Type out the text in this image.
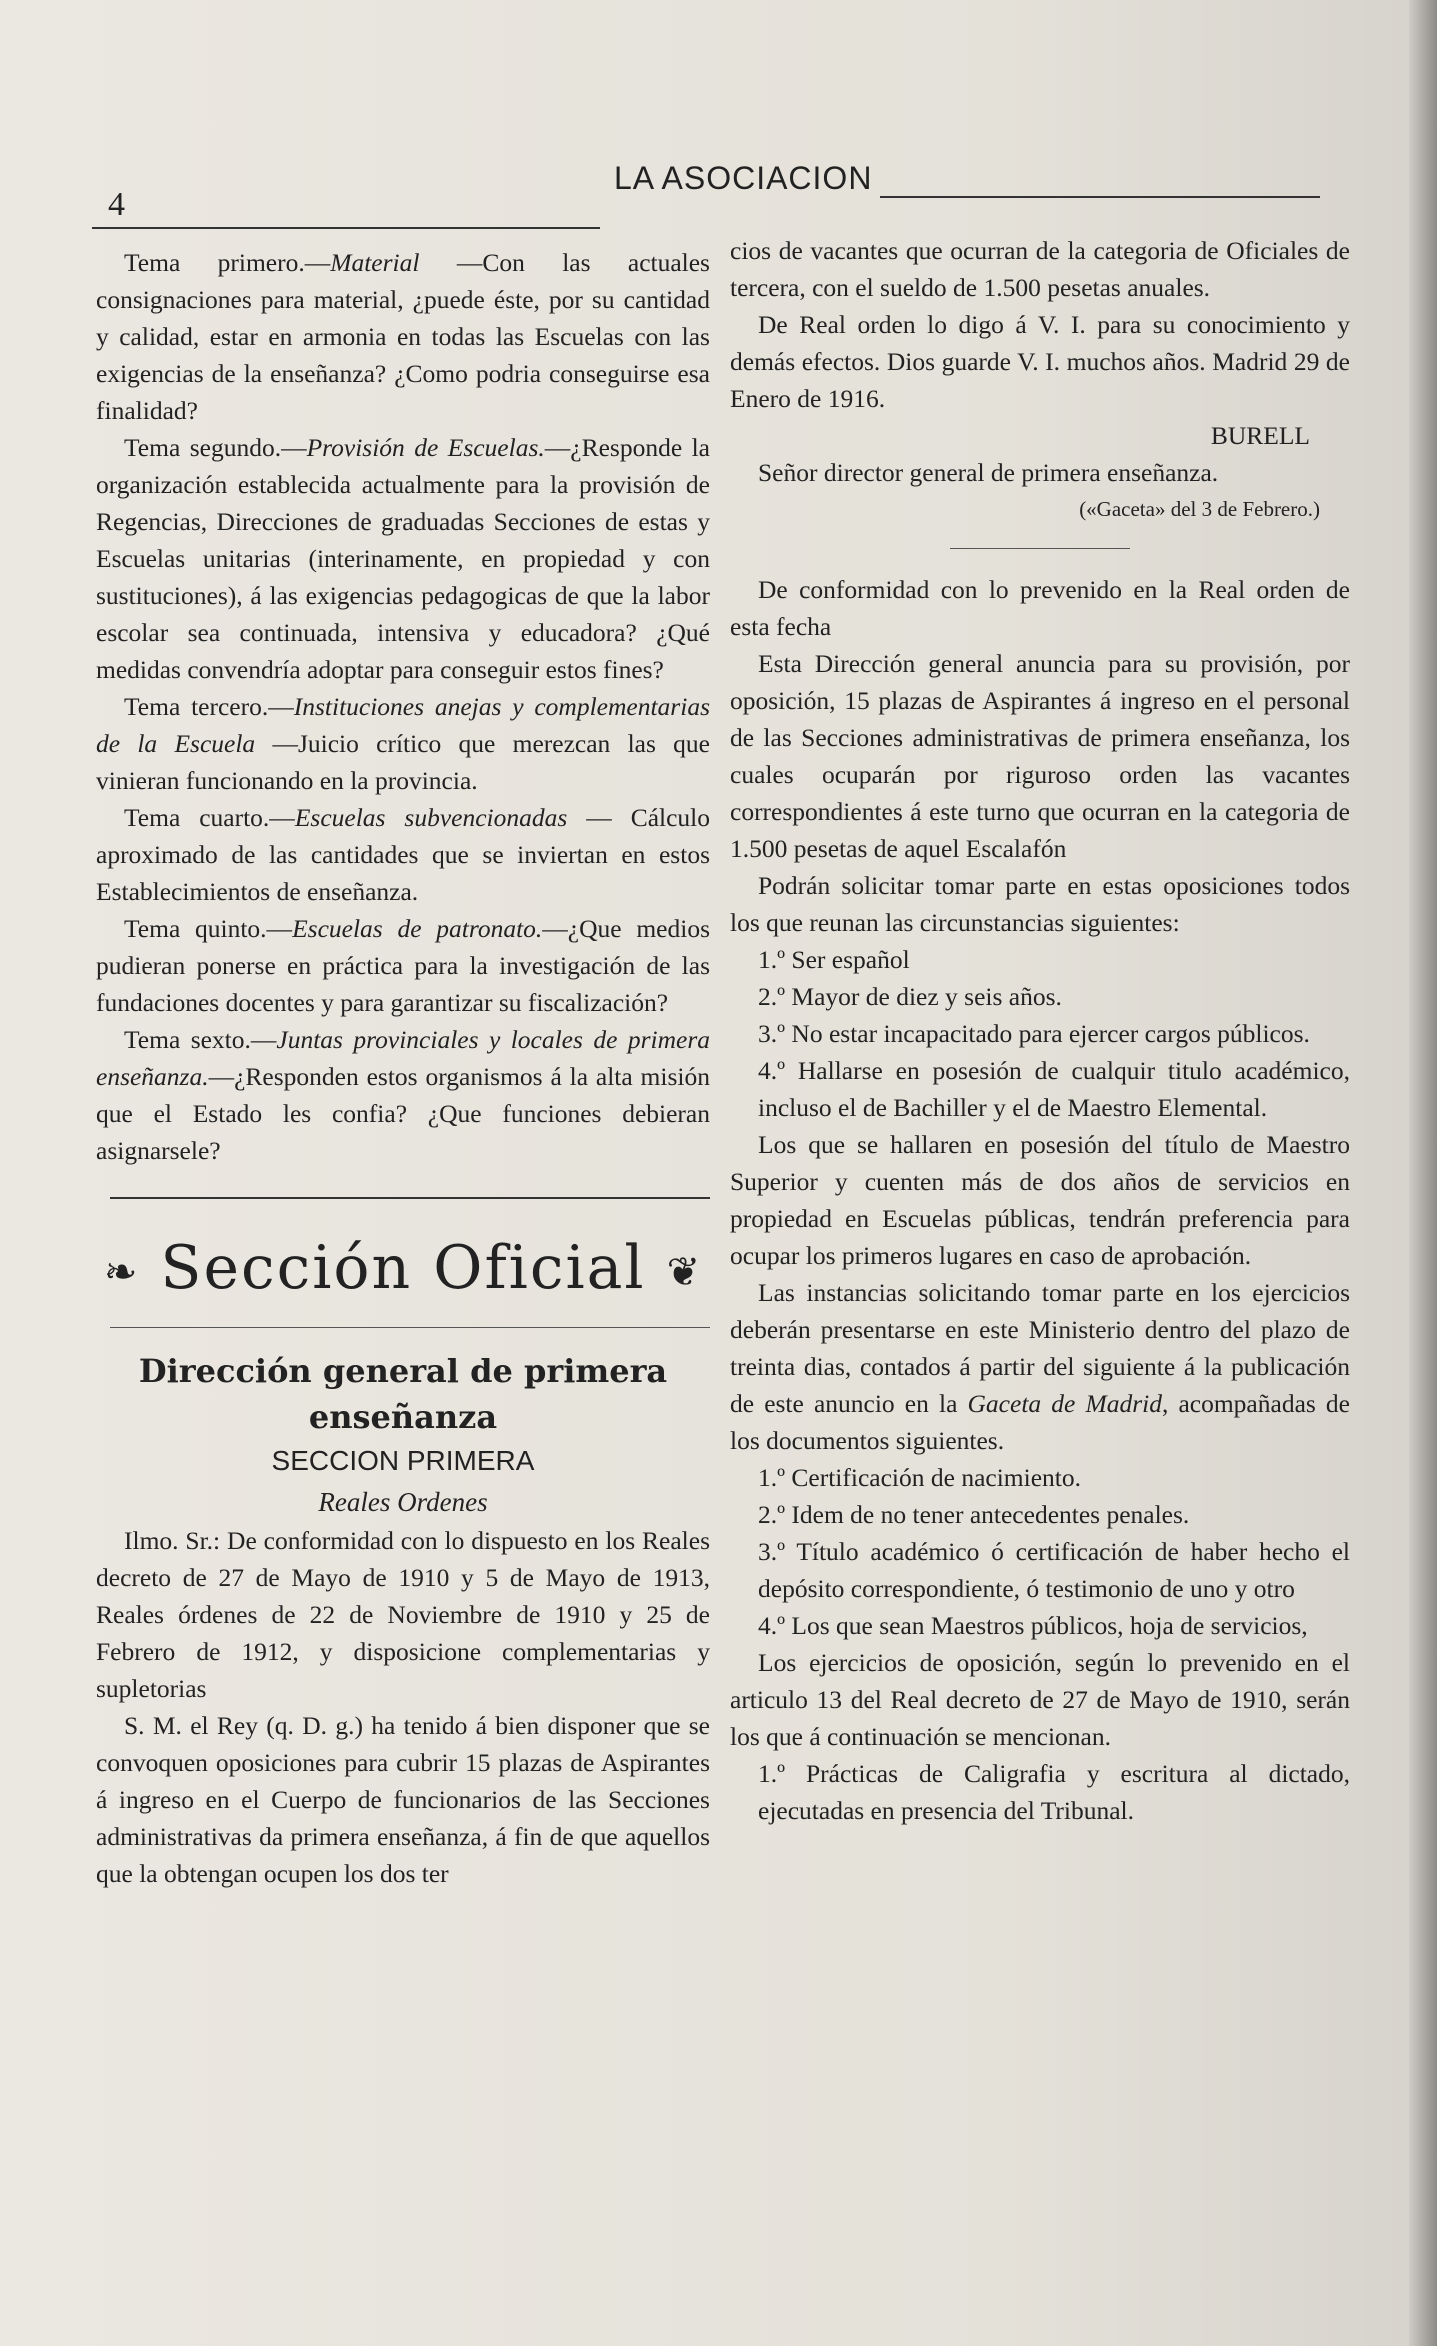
4
LA ASOCIACION

Tema primero.—Material —Con las actuales consignaciones para material, ¿puede éste, por su cantidad y calidad, estar en armonia en todas las Escuelas con las exigencias de la enseñanza? ¿Como podria conseguirse esa finalidad?

Tema segundo.—Provisión de Escuelas.—¿Responde la organización establecida actualmente para la provisión de Regencias, Direcciones de graduadas Secciones de estas y Escuelas unitarias (interinamente, en propiedad y con sustituciones), á las exigencias pedagogicas de que la labor escolar sea continuada, intensiva y educadora? ¿Qué medidas convendría adoptar para conseguir estos fines?

Tema tercero.—Instituciones anejas y complementarias de la Escuela —Juicio crítico que merezcan las que vinieran funcionando en la provincia.

Tema cuarto.—Escuelas subvencionadas — Cálculo aproximado de las cantidades que se inviertan en estos Establecimientos de enseñanza.

Tema quinto.—Escuelas de patronato.—¿Que medios pudieran ponerse en práctica para la investigación de las fundaciones docentes y para garantizar su fiscalización?

Tema sexto.—Juntas provinciales y locales de primera enseñanza.—¿Responden estos organismos á la alta misión que el Estado les confia? ¿Que funciones debieran asignarsele?

❧ Sección Oficial ❦

Dirección general de primera enseñanza

SECCION PRIMERA

Reales Ordenes

Ilmo. Sr.: De conformidad con lo dispuesto en los Reales decreto de 27 de Mayo de 1910 y 5 de Mayo de 1913, Reales órdenes de 22 de Noviembre de 1910 y 25 de Febrero de 1912, y disposicione complementarias y supletorias

S. M. el Rey (q. D. g.) ha tenido á bien disponer que se convoquen oposiciones para cubrir 15 plazas de Aspirantes á ingreso en el Cuerpo de funcionarios de las Secciones administrativas da primera enseñanza, á fin de que aquellos que la obtengan ocupen los dos ter

cios de vacantes que ocurran de la categoria de Oficiales de tercera, con el sueldo de 1.500 pesetas anuales.

De Real orden lo digo á V. I. para su conocimiento y demás efectos. Dios guarde V. I. muchos años. Madrid 29 de Enero de 1916.

BURELL

Señor director general de primera enseñanza.

(«Gaceta» del 3 de Febrero.)

De conformidad con lo prevenido en la Real orden de esta fecha

Esta Dirección general anuncia para su provisión, por oposición, 15 plazas de Aspirantes á ingreso en el personal de las Secciones administrativas de primera enseñanza, los cuales ocuparán por riguroso orden las vacantes correspondientes á este turno que ocurran en la categoria de 1.500 pesetas de aquel Escalafón

Podrán solicitar tomar parte en estas oposiciones todos los que reunan las circunstancias siguientes:

1.º Ser español

2.º Mayor de diez y seis años.

3.º No estar incapacitado para ejercer cargos públicos.

4.º Hallarse en posesión de cualquir titulo académico, incluso el de Bachiller y el de Maestro Elemental.

Los que se hallaren en posesión del título de Maestro Superior y cuenten más de dos años de servicios en propiedad en Escuelas públicas, tendrán preferencia para ocupar los primeros lugares en caso de aprobación.

Las instancias solicitando tomar parte en los ejercicios deberán presentarse en este Ministerio dentro del plazo de treinta dias, contados á partir del siguiente á la publicación de este anuncio en la Gaceta de Madrid, acompañadas de los documentos siguientes.

1.º Certificación de nacimiento.

2.º Idem de no tener antecedentes penales.

3.º Título académico ó certificación de haber hecho el depósito correspondiente, ó testimonio de uno y otro

4.º Los que sean Maestros públicos, hoja de servicios,

Los ejercicios de oposición, según lo prevenido en el articulo 13 del Real decreto de 27 de Mayo de 1910, serán los que á continuación se mencionan.

1.º Prácticas de Caligrafia y escritura al dictado, ejecutadas en presencia del Tribunal.
